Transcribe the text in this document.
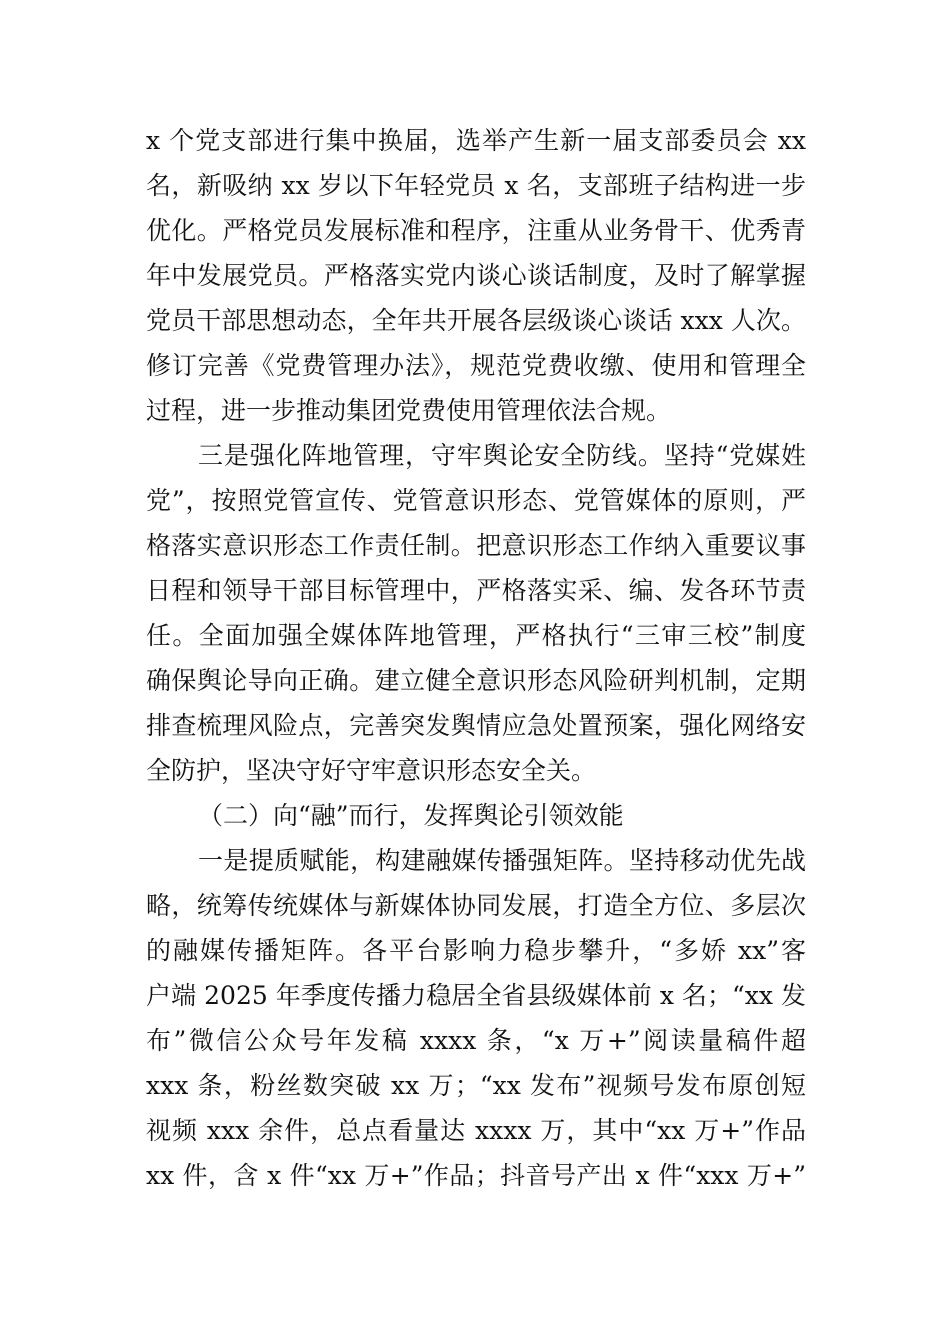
x 个党支部进行集中换届，选举产生新一届支部委员会 xx
名，新吸纳 xx 岁以下年轻党员 x 名，支部班子结构进一步
优化。严格党员发展标准和程序，注重从业务骨干、优秀青
年中发展党员。严格落实党内谈心谈话制度，及时了解掌握
党员干部思想动态，全年共开展各层级谈心谈话 xxx 人次。
修订完善《党费管理办法》，规范党费收缴、使用和管理全
过程，进一步推动集团党费使用管理依法合规。
三是强化阵地管理，守牢舆论安全防线。坚持“党媒姓
党”，按照党管宣传、党管意识形态、党管媒体的原则，严
格落实意识形态工作责任制。把意识形态工作纳入重要议事
日程和领导干部目标管理中，严格落实采、编、发各环节责
任。全面加强全媒体阵地管理，严格执行“三审三校”制度
确保舆论导向正确。建立健全意识形态风险研判机制，定期
排查梳理风险点，完善突发舆情应急处置预案，强化网络安
全防护，坚决守好守牢意识形态安全关。
（二）向“融”而行，发挥舆论引领效能
一是提质赋能，构建融媒传播强矩阵。坚持移动优先战
略，统筹传统媒体与新媒体协同发展，打造全方位、多层次
的融媒传播矩阵。各平台影响力稳步攀升，“多娇 xx”客
户端 2025 年季度传播力稳居全省县级媒体前 x 名；“xx 发
布”微信公众号年发稿 xxxx 条，“x 万+”阅读量稿件超
xxx 条，粉丝数突破 xx 万；“xx 发布”视频号发布原创短
视频 xxx 余件，总点看量达 xxxx 万，其中“xx 万+”作品
xx 件，含 x 件“xx 万+”作品；抖音号产出 x 件“xxx 万+”
